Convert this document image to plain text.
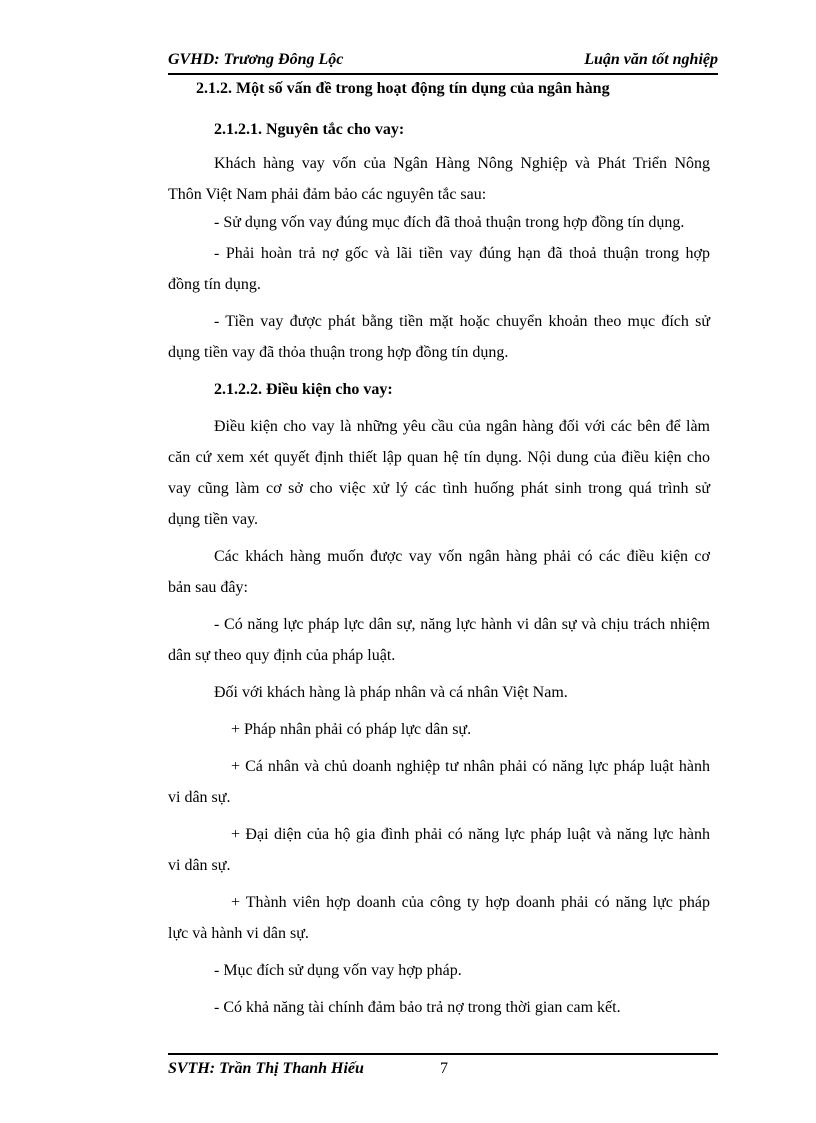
GVHD: Trương Đông Lộc	Luận văn tốt nghiệp
2.1.2. Một số vấn đề trong hoạt động tín dụng của ngân hàng
2.1.2.1. Nguyên tắc cho vay:
Khách hàng vay vốn của Ngân Hàng Nông Nghiệp và Phát Triển Nông
Thôn Việt Nam phải đảm bảo các nguyên tắc sau:
- Sử dụng vốn vay đúng mục đích đã thoả thuận trong hợp đồng tín dụng.
- Phải hoàn trả nợ gốc và lãi tiền vay đúng hạn đã thoả thuận trong hợp
đồng tín dụng.
- Tiền vay được phát bằng tiền mặt hoặc chuyển khoản theo mục đích sử
dụng tiền vay đã thỏa thuận trong hợp đồng tín dụng.
2.1.2.2. Điều kiện cho vay:
Điều kiện cho vay là những yêu cầu của ngân hàng đối với các bên để làm
căn cứ xem xét quyết định thiết lập quan hệ tín dụng. Nội dung của điều kiện cho
vay cũng làm cơ sở cho việc xử lý các tình huống phát sinh trong quá trình sử
dụng tiền vay.
Các khách hàng muốn được vay vốn ngân hàng phải có các điều kiện cơ
bản sau đây:
- Có năng lực pháp lực dân sự, năng lực hành vi dân sự và chịu trách nhiệm
dân sự theo quy định của pháp luật.
Đối với khách hàng là pháp nhân và cá nhân Việt Nam.
+ Pháp nhân phải có pháp lực dân sự.
+ Cá nhân và chủ doanh nghiệp tư nhân phải có năng lực pháp luật hành
vi dân sự.
+ Đại diện của hộ gia đình phải có năng lực pháp luật và năng lực hành
vi dân sự.
+ Thành viên hợp doanh của công ty hợp doanh phải có năng lực pháp
lực và hành vi dân sự.
- Mục đích sử dụng vốn vay hợp pháp.
- Có khả năng tài chính đảm bảo trả nợ trong thời gian cam kết.
SVTH: Trần Thị Thanh Hiếu	7
